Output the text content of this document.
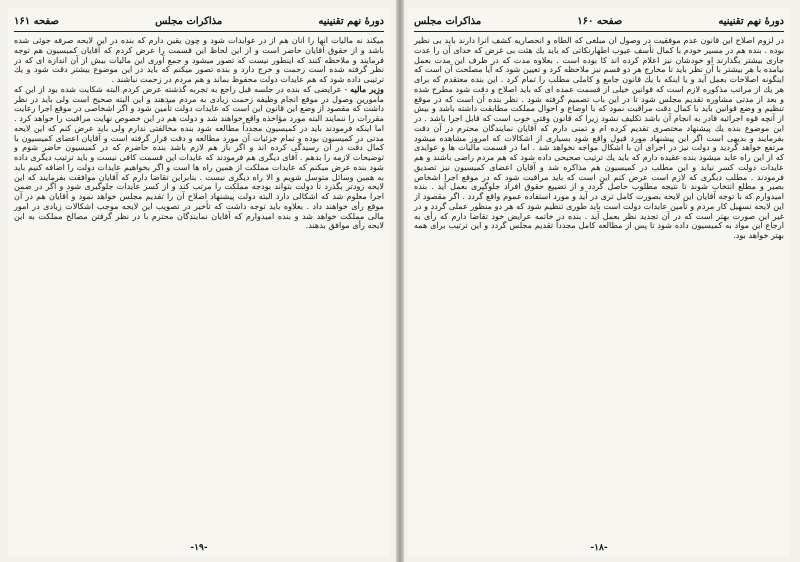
دورهٔ نهم تقنینیه
صفحه ۱۶۰
مذاکرات مجلس

در لزوم اصلاح این قانون عدم موفقیت در وصول آن مبلغی که الطاه و انحصاریه کشف آنرا دارند باید بی نظیر بوده . بنده هم در مسیر خودم با کمال تأسف عیوب اطهارنکاتی که باید یك هئت بی غرض که خدای آن را عدت جاری بیشتر بگذارند او خودشان نیز اعلام کرده اند کا بوده است . بعلاوه مدت که در ظرف این مدت بعمل نیامده با هر بیشتر با آن نظر باید تا مخارج هر دو قسم نیز ملاحظه کرد و تعیین شود که آیا مصلحت آن است که اینگونه اصلاحات بعمل آید و یا اینکه با یك قانون جامع و کاملی مطلب را تمام کرد . این بنده معتقدم که برای هر یك از مراتب مذکوره لازم است که قوانین خیلی از قسمت عمده ای که باید اصلاح و دقت شود مطرح شده و بعد از مدتی مشاوره تقدیم مجلس شود تا در این باب تصمیم گرفته شود . نظر بنده آن است که در موقع تنظیم و وضع قوانین باید با کمال دقت مراقبت نمود که با اوضاع و احوال مملکت مطابقت داشته باشد و بیش از آنچه قوه اجرائیه قادر به انجام آن باشد تکلیف نشود زیرا که قانون وقتی خوب است که قابل اجرا باشد . در این موضوع بنده یك پیشنهاد مختصری تقدیم کرده ام و تمنی دارم که آقایان نمایندگان محترم در آن دقت بفرمایند و بدیهی است اگر این پیشنهاد مورد قبول واقع شود بسیاری از اشکالات که امروز مشاهده میشود مرتفع خواهد گردید و دولت نیز در اجرای آن با اشکال مواجه نخواهد شد . اما در قسمت مالیات ها و عوایدی که از این راه عاید میشود بنده عقیده دارم که باید یك ترتیب صحیحی داده شود که هم مردم راضی باشند و هم عایدات دولت کسر نیاید و این مطلب در کمیسیون هم مذاکره شد و آقایان اعضای کمیسیون نیز تصدیق فرمودند . مطلب دیگری که لازم است عرض کنم این است که باید مراقبت شود که در موقع اجرا اشخاص بصیر و مطلع انتخاب شوند تا نتیجه مطلوب حاصل گردد و از تضییع حقوق افراد جلوگیری بعمل آید . بنده امیدوارم که با توجه آقایان این لایحه بصورت کامل تری در آید و مورد استفاده عموم واقع گردد . اگر مقصود از این لایحه تسهیل کار مردم و تأمین عایدات دولت است باید طوری تنظیم شود که هر دو منظور عملی گردد و در غیر این صورت بهتر است که در آن تجدید نظر بعمل آید . بنده در خاتمه عرایض خود تقاضا دارم که رأی به ارجاع این مواد به کمیسیون داده شود تا پس از مطالعه کامل مجدداً تقدیم مجلس گردد و این ترتیب برای همه بهتر خواهد بود.

-۱۸-
دورهٔ نهم تقنینیه
مذاکرات مجلس
صفحه ۱۶۱

میکند نه مالیات آنها را آنان هم از در عوایدات شود و چون یقین دارم که بنده در این لایحه صرفه جوئی شده باشد و از حقوق آقایان حاضر است و از این لحاظ این قسمت را عرض کردم که آقایان کمیسیون هم توجه فرمایند و ملاحظه کنند که اینطور نیست که تصور میشود و جمع آوری این مالیات بیش از آن اندازه ای که در نظر گرفته شده است زحمت و خرج دارد و بنده تصور میکنم که باید در این موضوع بیشتر دقت شود و یك ترتیبی داده شود که هم عایدات دولت محفوظ بماند و هم مردم در زحمت نباشند .

وزیر مالیه - عرایضی که بنده در جلسه قبل راجع به تجربه گذشته عرض کردم البته شکایت شده بود از این که مأمورین وصول در موقع انجام وظیفه زحمت زیادی به مردم میدهند و این البته صحیح است ولی باید در نظر داشت که مقصود از وضع این قانون این است که عایدات دولت تأمین شود و اگر اشخاصی در موقع اجرا رعایت مقررات را ننمایند البته مورد مؤاخذه واقع خواهند شد و دولت هم در این خصوص نهایت مراقبت را خواهد کرد . اما اینکه فرمودند باید در کمیسیون مجدداً مطالعه شود بنده مخالفتی ندارم ولی باید عرض کنم که این لایحه مدتی در کمیسیون بوده و تمام جزئیات آن مورد مطالعه و دقت قرار گرفته است و آقایان اعضای کمیسیون با کمال دقت در آن رسیدگی کرده اند و اگر باز هم لازم باشد بنده حاضرم که در کمیسیون حاضر شوم و توضیحات لازمه را بدهم . آقای دیگری هم فرمودند که عایدات این قسمت کافی نیست و باید ترتیب دیگری داده شود بنده عرض میکنم که عایدات مملکت از همین راه ها است و اگر بخواهیم عایدات دولت را اضافه کنیم باید به همین وسائل متوسل شویم و الا راه دیگری نیست . بنابراین تقاضا دارم که آقایان موافقت بفرمایند که این لایحه زودتر بگذرد تا دولت بتواند بودجه مملکت را مرتب کند و از کسر عایدات جلوگیری شود و اگر در ضمن اجرا معلوم شد که اشکالی دارد البته دولت پیشنهاد اصلاح آن را تقدیم مجلس خواهد نمود و آقایان هم در آن موقع رأی خواهند داد . بعلاوه باید توجه داشت که تأخیر در تصویب این لایحه موجب اشکالات زیادی در امور مالی مملکت خواهد شد و بنده امیدوارم که آقایان نمایندگان محترم با در نظر گرفتن مصالح مملکت به این لایحه رأی موافق بدهند.

-۱۹-
